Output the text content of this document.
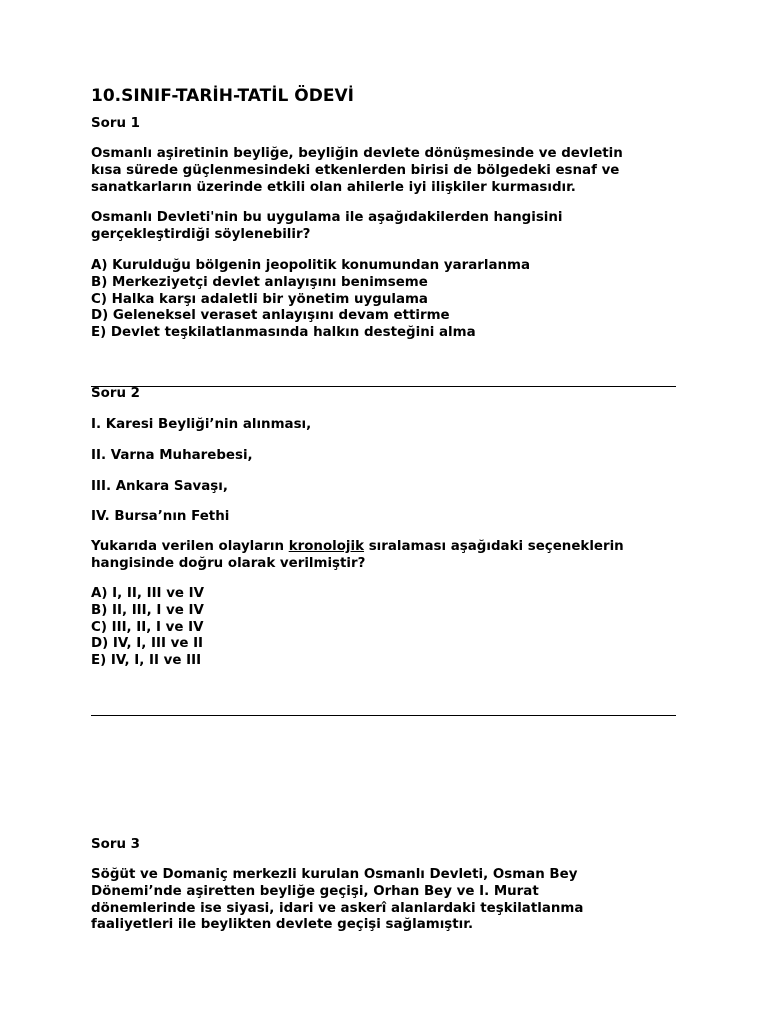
10.SINIF-TARİH-TATİL ÖDEVİ

Soru 1

Osmanlı aşiretinin beyliğe, beyliğin devlete dönüşmesinde ve devletin
kısa sürede güçlenmesindeki etkenlerden birisi de bölgedeki esnaf ve
sanatkarların üzerinde etkili olan ahilerle iyi ilişkiler kurmasıdır.
Osmanlı Devleti'nin bu uygulama ile aşağıdakilerden hangisini
gerçekleştirdiği söylenebilir?
A) Kurulduğu bölgenin jeopolitik konumundan yararlanma
B) Merkeziyetçi devlet anlayışını benimseme
C) Halka karşı adaletli bir yönetim uygulama
D) Geleneksel veraset anlayışını devam ettirme
E) Devlet teşkilatlanmasında halkın desteğini alma

Soru 2

I. Karesi Beyliği’nin alınması,

II. Varna Muharebesi,

III. Ankara Savaşı,

IV. Bursa’nın Fethi

Yukarıda verilen olayların kronolojik sıralaması aşağıdaki seçeneklerin
hangisinde doğru olarak verilmiştir?
A) I, II, III ve IV
B) II, III, I ve IV
C) III, II, I ve IV
D) IV, I, III ve II
E) IV, I, II ve III

Soru 3

Söğüt ve Domaniç merkezli kurulan Osmanlı Devleti, Osman Bey
Dönemi’nde aşiretten beyliğe geçişi, Orhan Bey ve I. Murat
dönemlerinde ise siyasi, idari ve askerî alanlardaki teşkilatlanma
faaliyetleri ile beylikten devlete geçişi sağlamıştır.
